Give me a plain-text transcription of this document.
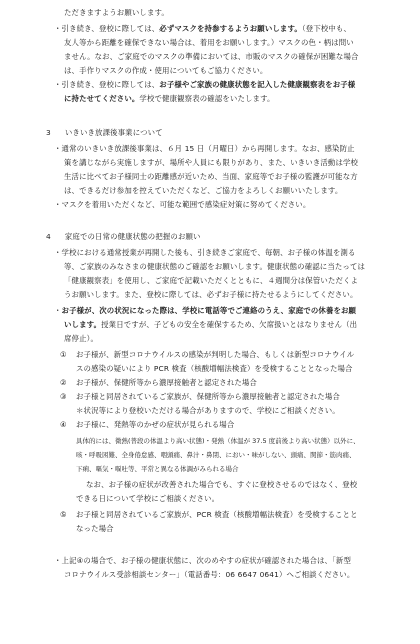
ただきますようお願いします。
・引き続き、登校に際しては、必ずマスクを持参するようお願いします。（登下校中も、
友人等から距離を確保できない場合は、着用をお願いします。）マスクの色・柄は問い
ません。なお、ご家庭でのマスクの準備においては、市販のマスクの確保が困難な場合
は、手作りマスクの作成・使用についてもご協力ください。
・引き続き、登校に際しては、お子様やご家族の健康状態を記入した健康観察表をお子様
に持たせてください。学校で健康観察表の確認をいたします。
3 いきいき放課後事業について
・通常のいきいき放課後事業は、６月 15 日（月曜日）から再開します。なお、感染防止
策を講じながら実施しますが、場所や人員にも限りがあり、また、いきいき活動は学校
生活に比べてお子様同士の距離感が近いため、当面、家庭等でお子様の監護が可能な方
は、できるだけ参加を控えていただくなど、ご協力をよろしくお願いいたします。
・マスクを着用いただくなど、可能な範囲で感染症対策に努めてください。
4 家庭での日常の健康状態の把握のお願い
・学校における通常授業が再開した後も、引き続きご家庭で、毎朝、お子様の体温を測る
等、ご家族のみなさまの健康状態のご確認をお願いします。健康状態の確認に当たっては
「健康観察表」を使用し、ご家庭で記載いただくとともに、４週間分は保管いただくよ
うお願いします。また、登校に際しては、必ずお子様に持たせるようにしてください。
・お子様が、次の状況になった際は、学校に電話等でご連絡のうえ、家庭での休養をお願
いします。授業日ですが、子どもの安全を確保するため、欠席扱いとはなりません（出
席停止）。
① お子様が、新型コロナウイルスの感染が判明した場合、もしくは新型コロナウイル
スの感染の疑いにより PCR 検査（核酸増幅法検査）を受検することとなった場合
② お子様が、保健所等から濃厚接触者と認定された場合
③ お子様と同居されているご家族が、保健所等から濃厚接触者と認定された場合
＊状況等により登校いただける場合がありますので、学校にご相談ください。
④ お子様に、発熱等のかぜの症状が見られる場合
具体的には、微熱(普段の体温より高い状態)・発熱（体温が 37.5 度前後より高い状態）以外に、
咳・呼吸困難、全身倦怠感、咽頭痛、鼻汁・鼻閉、におい・味がしない、頭痛、関節・筋肉痛、
下痢、嘔気・嘔吐等、平常と異なる体調がみられる場合
なお、お子様の症状が改善された場合でも、すぐに登校させるのではなく、登校
できる日について学校にご相談ください。
⑤ お子様と同居されているご家族が、PCR 検査（核酸増幅法検査）を受検することと
なった場合
・上記④の場合で、お子様の健康状態に、次のめやすの症状が確認された場合は、「新型
コロナウイルス受診相談センター」（電話番号：06 6647 0641）へご相談ください。
